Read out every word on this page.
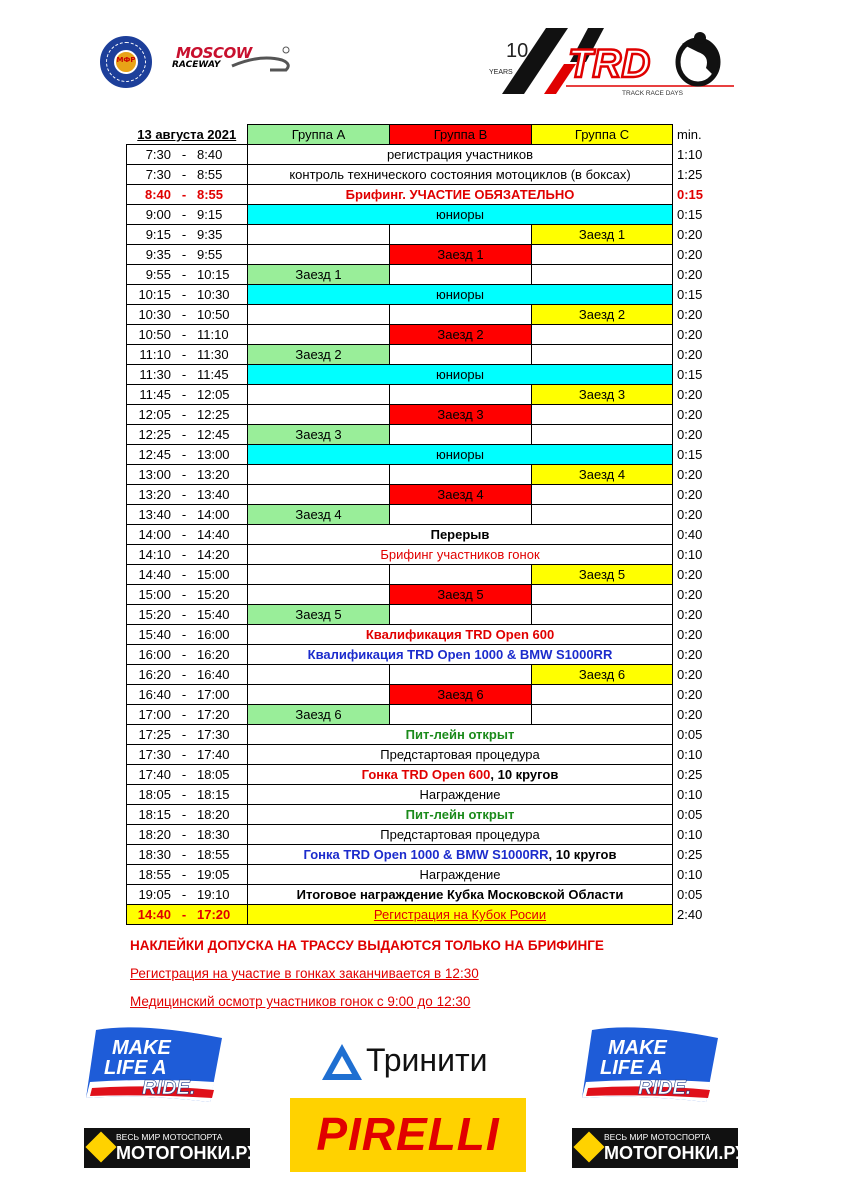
МФР	MOSCOW
RACEWAY	TRD
10
YEARS
TRACK RACE DAYS
13 августа 2021	Группа А	Группа В	Группа С	min.
7:30 - 8:40	регистрация участников			1:10
7:30 - 8:55	контроль технического состояния мотоциклов (в боксах)			1:25
8:40 - 8:55	Брифинг. УЧАСТИЕ ОБЯЗАТЕЛЬНО			0:15
9:00 - 9:15	юниоры			0:15
9:15 - 9:35			Заезд 1	0:20
9:35 - 9:55		Заезд 1		0:20
9:55 - 10:15	Заезд 1			0:20
10:15 - 10:30	юниоры			0:15
10:30 - 10:50			Заезд 2	0:20
10:50 - 11:10		Заезд 2		0:20
11:10 - 11:30	Заезд 2			0:20
11:30 - 11:45	юниоры			0:15
11:45 - 12:05			Заезд 3	0:20
12:05 - 12:25		Заезд 3		0:20
12:25 - 12:45	Заезд 3			0:20
12:45 - 13:00	юниоры			0:15
13:00 - 13:20			Заезд 4	0:20
13:20 - 13:40		Заезд 4		0:20
13:40 - 14:00	Заезд 4			0:20
14:00 - 14:40	Перерыв			0:40
14:10 - 14:20	Брифинг участников гонок			0:10
14:40 - 15:00			Заезд 5	0:20
15:00 - 15:20		Заезд 5		0:20
15:20 - 15:40	Заезд 5			0:20
15:40 - 16:00	Квалификация TRD Open 600			0:20
16:00 - 16:20	Квалификация TRD Open 1000 & BMW S1000RR			0:20
16:20 - 16:40			Заезд 6	0:20
16:40 - 17:00		Заезд 6		0:20
17:00 - 17:20	Заезд 6			0:20
17:25 - 17:30	Пит-лейн открыт			0:05
17:30 - 17:40	Предстартовая процедура			0:10
17:40 - 18:05	Гонка TRD Open 600, 10 кругов			0:25
18:05 - 18:15	Награждение			0:10
18:15 - 18:20	Пит-лейн открыт			0:05
18:20 - 18:30	Предстартовая процедура			0:10
18:30 - 18:55	Гонка TRD Open 1000 & BMW S1000RR, 10 кругов			0:25
18:55 - 19:05	Награждение			0:10
19:05 - 19:10	Итоговое награждение Кубка Московской Области			0:05
14:40 - 17:20	Регистрация на Кубок Росии			2:40
НАКЛЕЙКИ ДОПУСКА НА ТРАССУ ВЫДАЮТСЯ ТОЛЬКО НА БРИФИНГЕ
Регистрация на участие в гонках заканчивается в 12:30
Медицинский осмотр участников гонок с 9:00 до 12:30
MAKE
LIFE A
RIDE.
Тринити	MAKE
LIFE A
RIDE.
PIRELLI
ВЕСЬ МИР МОТОСПОРТА
МОТОГОНКИ.РУ
ВЕСЬ МИР МОТОСПОРТА
МОТОГОНКИ.РУ
